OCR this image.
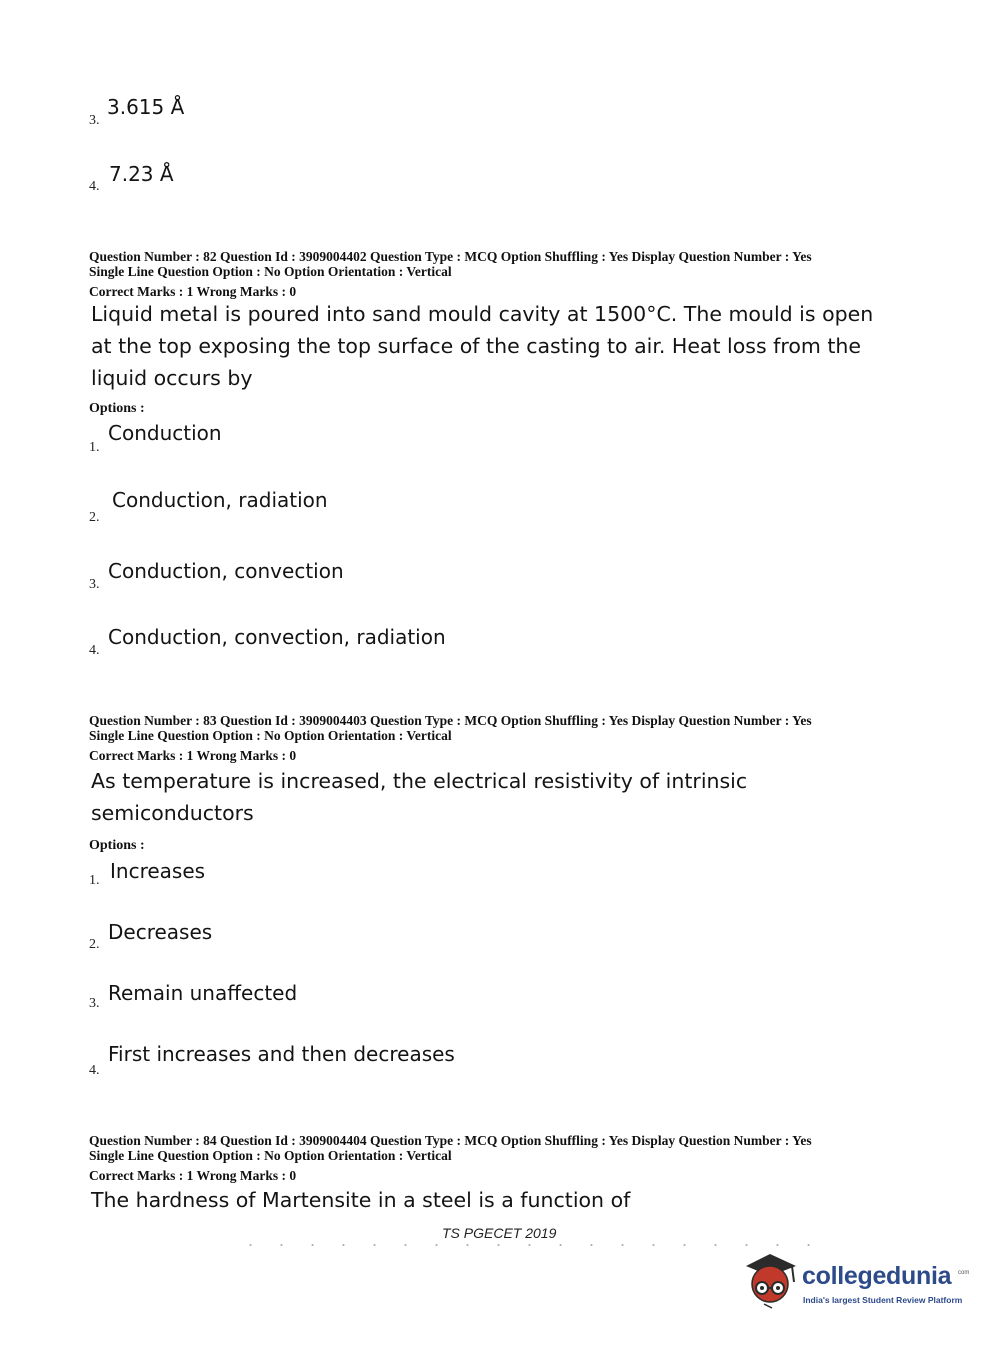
3.
3.615 Å
4.
7.23 Å
Question Number : 82 Question Id : 3909004402 Question Type : MCQ Option Shuffling : Yes Display Question Number : Yes
Single Line Question Option : No Option Orientation : Vertical
Correct Marks : 1 Wrong Marks : 0
Liquid metal is poured into sand mould cavity at 1500°C. The mould is open
at the top exposing the top surface of the casting to air. Heat loss from the
liquid occurs by
Options :
1.
Conduction
2.
Conduction, radiation
3.
Conduction, convection
4.
Conduction, convection, radiation
Question Number : 83 Question Id : 3909004403 Question Type : MCQ Option Shuffling : Yes Display Question Number : Yes
Single Line Question Option : No Option Orientation : Vertical
Correct Marks : 1 Wrong Marks : 0
As temperature is increased, the electrical resistivity of intrinsic
semiconductors
Options :
1. Increases
2.
Decreases
3. Remain unaffected
4.
First increases and then decreases
Question Number : 84 Question Id : 3909004404 Question Type : MCQ Option Shuffling : Yes Display Question Number : Yes
Single Line Question Option : No Option Orientation : Vertical
Correct Marks : 1 Wrong Marks : 0
The hardness of Martensite in a steel is a function of
TS PGECET 2019
collegedunia com
India's largest Student Review Platform
